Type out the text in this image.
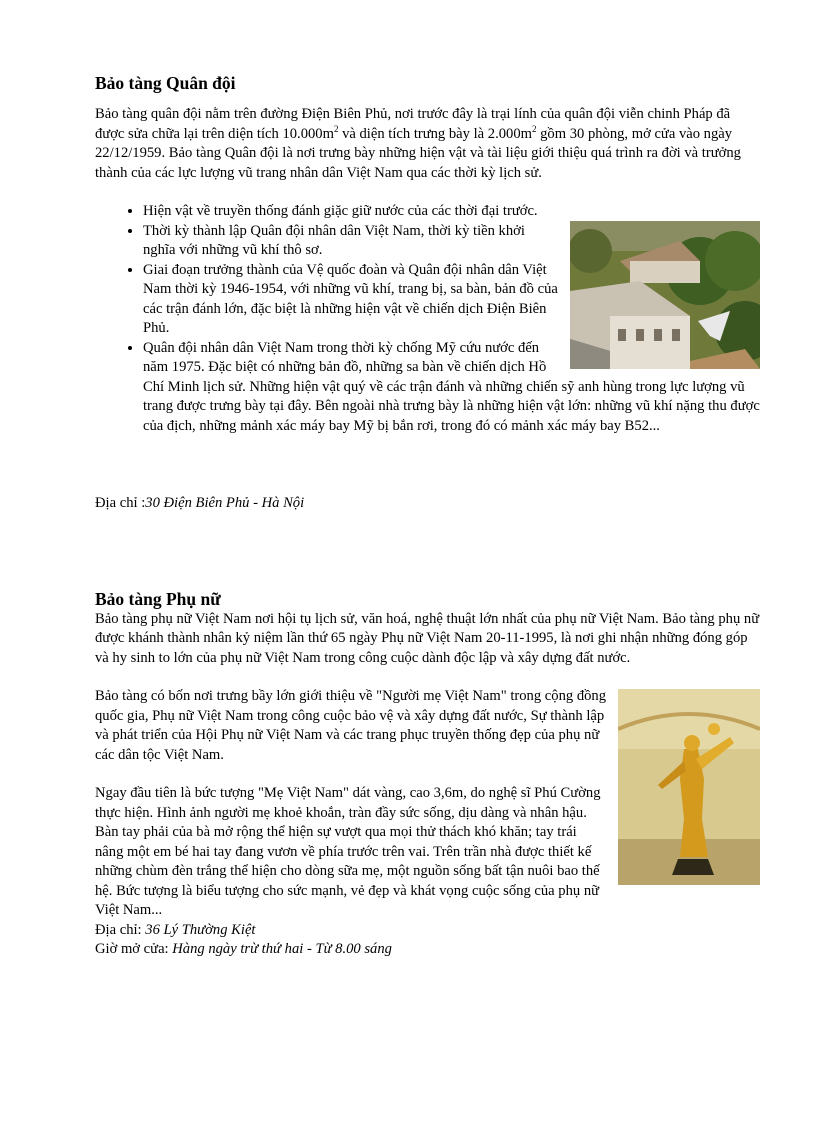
Bảo tàng Quân đội

Bảo tàng quân đội nằm trên đường Điện Biên Phủ, nơi trước đây là trại lính của quân đội viễn chinh Pháp đã được sửa chữa lại trên diện tích $10.000m^2$ và diện tích trưng bày là $2.000m^2$ gồm 30 phòng, mở cửa vào ngày 22/12/1959. Bảo tàng Quân đội là nơi trưng bày những hiện vật và tài liệu giới thiệu quá trình ra đời và trưởng thành của các lực lượng vũ trang nhân dân Việt Nam qua các thời kỳ lịch sử.

• Hiện vật về truyền thống đánh giặc giữ nước của các thời đại trước.
• Thời kỳ thành lập Quân đội nhân dân Việt Nam, thời kỳ tiền khởi nghĩa với những vũ khí thô sơ.
• Giai đoạn trưởng thành của Vệ quốc đoàn và Quân đội nhân dân Việt Nam thời kỳ 1946-1954, với những vũ khí, trang bị, sa bàn, bản đồ của các trận đánh lớn, đặc biệt là những hiện vật về chiến dịch Điện Biên Phủ.
• Quân đội nhân dân Việt Nam trong thời kỳ chống Mỹ cứu nước đến năm 1975. Đặc biệt có những bản đồ, những sa bàn về chiến dịch Hồ Chí Minh lịch sử. Những hiện vật quý về các trận đánh và những chiến sỹ anh hùng trong lực lượng vũ trang được trưng bày tại đây. Bên ngoài nhà trưng bày là những hiện vật lớn: những vũ khí nặng thu được của địch, những mảnh xác máy bay Mỹ bị bắn rơi, trong đó có mảnh xác máy bay B52...

Địa chỉ :30 Điện Biên Phủ - Hà Nội

Bảo tàng Phụ nữ

Bảo tàng phụ nữ Việt Nam nơi hội tụ lịch sử, văn hoá, nghệ thuật lớn nhất của phụ nữ Việt Nam. Bảo tàng phụ nữ được khánh thành nhân kỷ niệm lần thứ 65 ngày Phụ nữ Việt Nam 20-11-1995, là nơi ghi nhận những đóng góp và hy sinh to lớn của phụ nữ Việt Nam trong công cuộc dành độc lập và xây dựng đất nước.

Bảo tàng có bốn nơi trưng bầy lớn giới thiệu về "Người mẹ Việt Nam" trong cộng đồng quốc gia, Phụ nữ Việt Nam trong công cuộc bảo vệ và xây dựng đất nước, Sự thành lập và phát triển của Hội Phụ nữ Việt Nam và các trang phục truyền thống đẹp của phụ nữ các dân tộc Việt Nam.

Ngay đầu tiên là bức tượng "Mẹ Việt Nam" dát vàng, cao 3,6m, do nghệ sĩ Phú Cường thực hiện. Hình ảnh người mẹ khoẻ khoắn, tràn đầy sức sống, dịu dàng và nhân hậu. Bàn tay phải của bà mở rộng thể hiện sự vượt qua mọi thử thách khó khăn; tay trái nâng một em bé hai tay đang vươn về phía trước trên vai. Trên trần nhà được thiết kế những chùm đèn trắng thể hiện cho dòng sữa mẹ, một nguồn sống bất tận nuôi bao thế hệ. Bức tượng là biểu tượng cho sức mạnh, vẻ đẹp và khát vọng cuộc sống của phụ nữ Việt Nam...

Địa chỉ: 36 Lý Thường Kiệt

Giờ mở cửa: Hàng ngày trừ thứ hai - Từ 8.00 sáng
